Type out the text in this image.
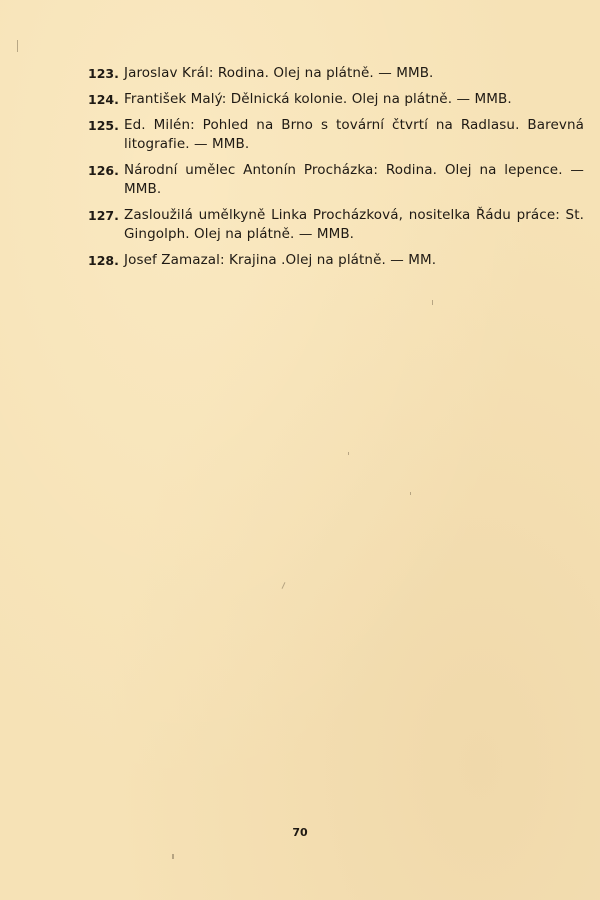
123. Jaroslav Král: Rodina. Olej na plátně. — MMB.
124. František Malý: Dělnická kolonie. Olej na plátně. — MMB.
125. Ed. Milén: Pohled na Brno s tovární čtvrtí na Radlasu. Barevná litografie. — MMB.
126. Národní umělec Antonín Procházka: Rodina. Olej na lepence. — MMB.
127. Zasloužilá umělkyně Linka Procházková, nositelka Řádu práce: St. Gingolph. Olej na plátně. — MMB.
128. Josef Zamazal: Krajina .Olej na plátně. — MM.
70
